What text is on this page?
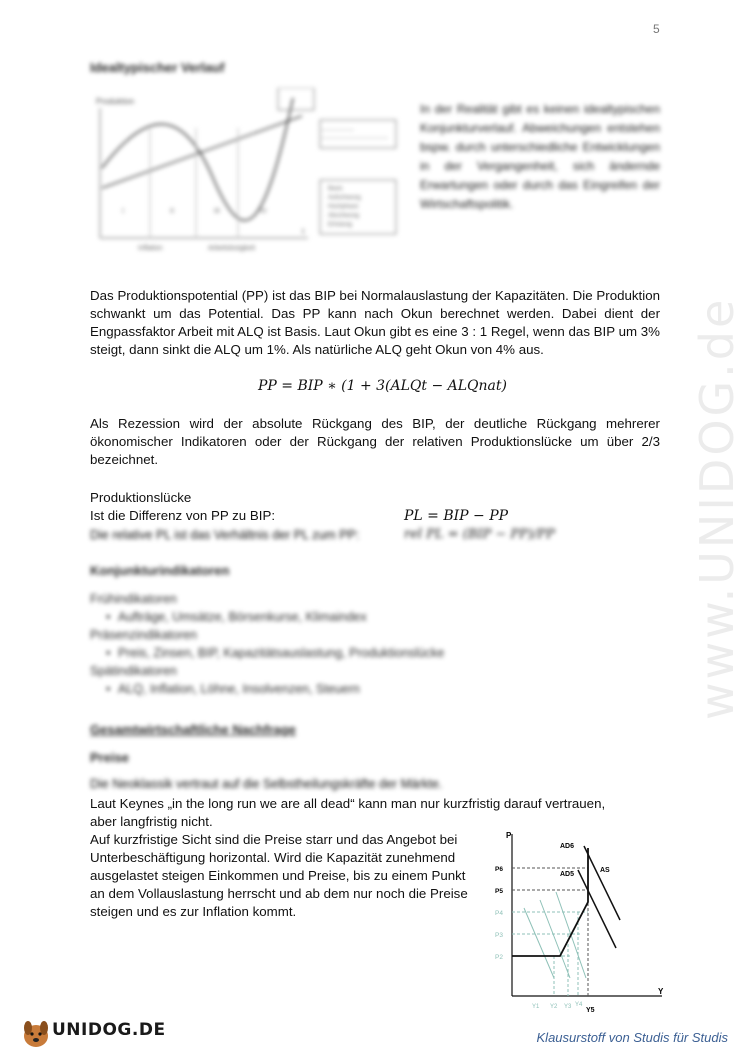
5
www.UNIDOG.de
Idealtypischer Verlauf
Produktion
t
I	II	III	IV
Inflation	Arbeitslosigkeit
Basis
Aufschwung
Hochphase
Abschwung
Erholung
In der Realität gibt es keinen idealtypischen Konjunkturverlauf. Abweichungen entstehen bspw. durch unterschiedliche Entwicklungen in der Vergangenheit, sich ändernde Erwartungen oder durch das Eingreifen der Wirtschaftspolitik.
Das Produktionspotential (PP) ist das BIP bei Normalauslastung der Kapazitäten. Die Produktion schwankt um das Potential. Das PP kann nach Okun berechnet werden. Dabei dient der Engpassfaktor Arbeit mit ALQ ist Basis. Laut Okun gibt es eine 3 : 1 Regel, wenn das BIP um 3% steigt, dann sinkt die ALQ um 1%. Als natürliche ALQ geht Okun von 4% aus.
PP = BIP ∗ (1 + 3(ALQt − ALQnat)
Als Rezession wird der absolute Rückgang des BIP, der deutliche Rückgang mehrerer ökonomischer Indikatoren oder der Rückgang der relativen Produktionslücke um über 2/3 bezeichnet.
Produktionslücke
Ist die Differenz von PP zu BIP:	PL = BIP − PP
Die relative PL ist das Verhältnis der PL zum PP:	rel PL = (BIP − PP)/PP
Konjunkturindikatoren
Frühindikatoren
• Aufträge, Umsätze, Börsenkurse, Klimaindex
Präsenzindikatoren
• Preis, Zinsen, BIP, Kapazitätsauslastung, Produktionslücke
Spätindikatoren
• ALQ, Inflation, Löhne, Insolvenzen, Steuern
Gesamtwirtschaftliche Nachfrage
Preise
Die Neoklassik vertraut auf die Selbstheilungskräfte der Märkte.
Laut Keynes „in the long run we are all dead“ kann man nur kurzfristig darauf vertrauen,
aber langfristig nicht.
Auf kurzfristige Sicht sind die Preise starr und das Angebot bei
Unterbeschäftigung horizontal. Wird die Kapazität zunehmend
ausgelastet steigen Einkommen und Preise, bis zu einem Punkt
an dem Vollauslastung herrscht und ab dem nur noch die Preise
steigen und es zur Inflation kommt.
P
Y
AD6
AD5
AS
P6
P5
P4
P3
P2
Y1 Y2 Y3 Y4
Y5
UNIDOG.DE	Klausurstoff von Studis für Studis
